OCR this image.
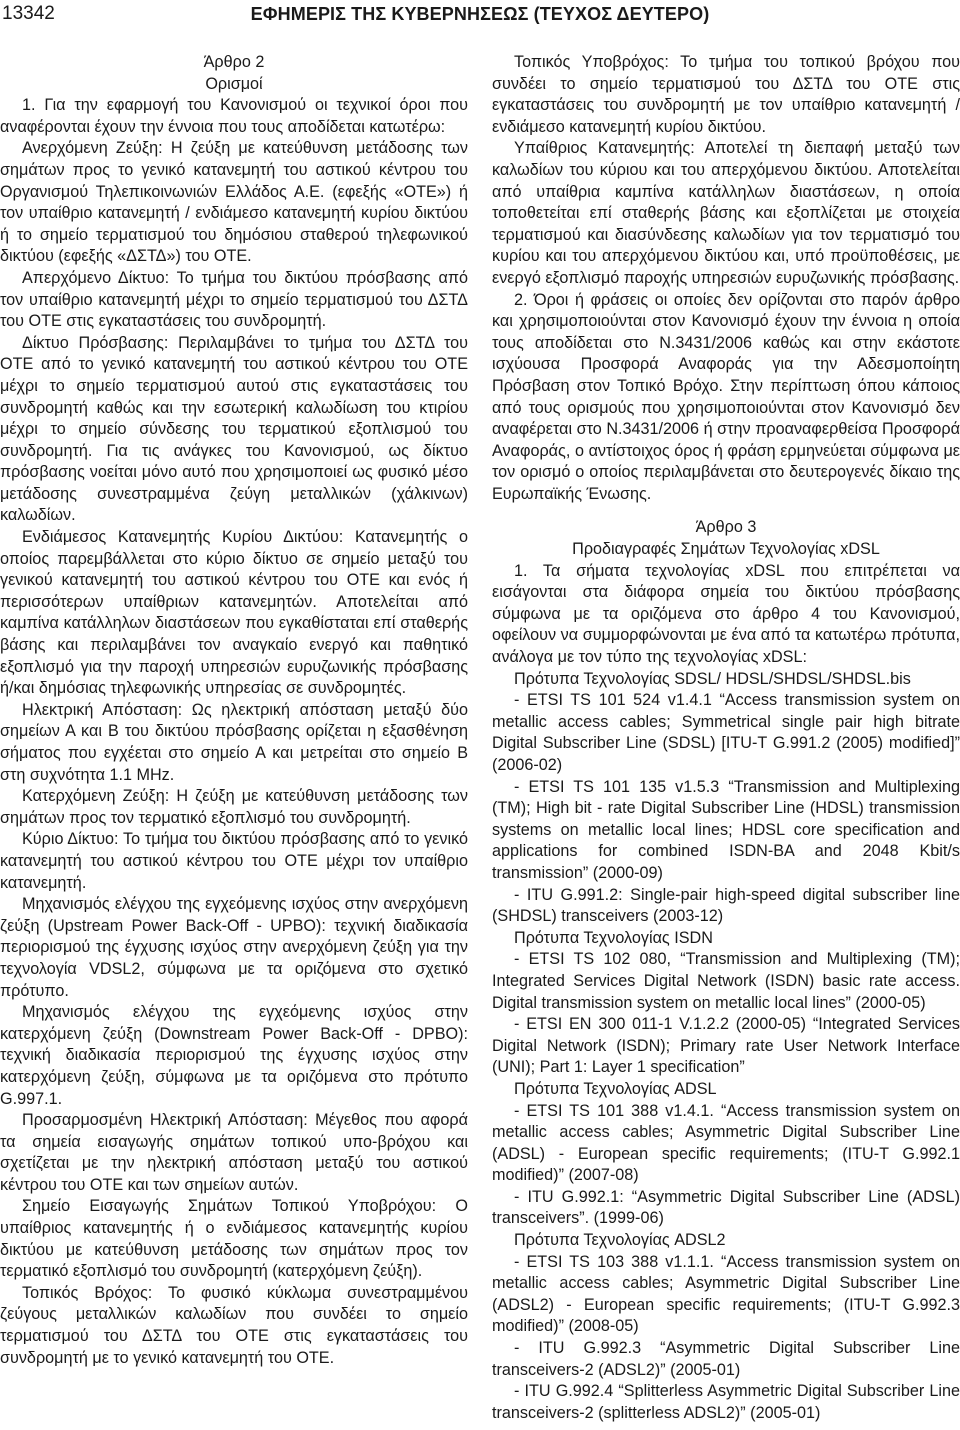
13342	ΕΦΗΜΕΡΙΣ ΤΗΣ ΚΥΒΕΡΝΗΣΕΩΣ (ΤΕΥΧΟΣ ΔΕΥΤΕΡΟ)

Άρθρο 2

Ορισμοί

1. Για την εφαρμογή του Κανονισμού οι τεχνικοί όροι που αναφέρονται έχουν την έννοια που τους αποδίδεται κατωτέρω:

Ανερχόμενη Ζεύξη: Η ζεύξη με κατεύθυνση μετάδοσης των σημάτων προς το γενικό κατανεμητή του αστικού κέντρου του Οργανισμού Τηλεπικοινωνιών Ελλάδος Α.Ε. (εφεξής «ΟΤΕ») ή τον υπαίθριο κατανεμητή / ενδιάμεσο κατανεμητή κυρίου δικτύου ή το σημείο τερματισμού του δημόσιου σταθερού τηλεφωνικού δικτύου (εφεξής «ΔΣΤΔ») του ΟΤΕ.

Απερχόμενο Δίκτυο: Το τμήμα του δικτύου πρόσβασης από τον υπαίθριο κατανεμητή μέχρι το σημείο τερματισμού του ΔΣΤΔ του ΟΤΕ στις εγκαταστάσεις του συνδρομητή.

Δίκτυο Πρόσβασης: Περιλαμβάνει το τμήμα του ΔΣΤΔ του ΟΤΕ από το γενικό κατανεμητή του αστικού κέντρου του ΟΤΕ μέχρι το σημείο τερματισμού αυτού στις εγκαταστάσεις του συνδρομητή καθώς και την εσωτερική καλωδίωση του κτιρίου μέχρι το σημείο σύνδεσης του τερματικού εξοπλισμού του συνδρομητή. Για τις ανάγκες του Κανονισμού, ως δίκτυο πρόσβασης νοείται μόνο αυτό που χρησιμοποιεί ως φυσικό μέσο μετάδοσης συνεστραμμένα ζεύγη μεταλλικών (χάλκινων) καλωδίων.

Ενδιάμεσος Κατανεμητής Κυρίου Δικτύου: Κατανεμητής ο οποίος παρεμβάλλεται στο κύριο δίκτυο σε σημείο μεταξύ του γενικού κατανεμητή του αστικού κέντρου του ΟΤΕ και ενός ή περισσότερων υπαίθριων κατανεμητών. Αποτελείται από καμπίνα κατάλληλων διαστάσεων που εγκαθίσταται επί σταθερής βάσης και περιλαμβάνει τον αναγκαίο ενεργό και παθητικό εξοπλισμό για την παροχή υπηρεσιών ευρυζωνικής πρόσβασης ή/και δημόσιας τηλεφωνικής υπηρεσίας σε συνδρομητές.

Ηλεκτρική Απόσταση: Ως ηλεκτρική απόσταση μεταξύ δύο σημείων Α και Β του δικτύου πρόσβασης ορίζεται η εξασθένηση σήματος που εγχέεται στο σημείο Α και μετρείται στο σημείο Β στη συχνότητα 1.1 MHz.

Κατερχόμενη Ζεύξη: Η ζεύξη με κατεύθυνση μετάδοσης των σημάτων προς τον τερματικό εξοπλισμό του συνδρομητή.

Κύριο Δίκτυο: Το τμήμα του δικτύου πρόσβασης από το γενικό κατανεμητή του αστικού κέντρου του ΟΤΕ μέχρι τον υπαίθριο κατανεμητή.

Μηχανισμός ελέγχου της εγχεόμενης ισχύος στην ανερχόμενη ζεύξη (Upstream Power Back-Off - UPBO): τεχνική διαδικασία περιορισμού της έγχυσης ισχύος στην ανερχόμενη ζεύξη για την τεχνολογία VDSL2, σύμφωνα με τα οριζόμενα στο σχετικό πρότυπο.

Μηχανισμός ελέγχου της εγχεόμενης ισχύος στην κατερχόμενη ζεύξη (Downstream Power Back-Off - DPBO): τεχνική διαδικασία περιορισμού της έγχυσης ισχύος στην κατερχόμενη ζεύξη, σύμφωνα με τα οριζόμενα στο πρότυπο G.997.1.

Προσαρμοσμένη Ηλεκτρική Απόσταση: Μέγεθος που αφορά τα σημεία εισαγωγής σημάτων τοπικού υπο-βρόχου και σχετίζεται με την ηλεκτρική απόσταση μεταξύ του αστικού κέντρου του ΟΤΕ και των σημείων αυτών.

Σημείο Εισαγωγής Σημάτων Τοπικού Υποβρόχου: Ο υπαίθριος κατανεμητής ή ο ενδιάμεσος κατανεμητής κυρίου δικτύου με κατεύθυνση μετάδοσης των σημάτων προς τον τερματικό εξοπλισμό του συνδρομητή (κατερχόμενη ζεύξη).

Τοπικός Βρόχος: Το φυσικό κύκλωμα συνεστραμμένου ζεύγους μεταλλικών καλωδίων που συνδέει το σημείο τερματισμού του ΔΣΤΔ του ΟΤΕ στις εγκαταστάσεις του συνδρομητή με το γενικό κατανεμητή του ΟΤΕ.

Τοπικός Υποβρόχος: Το τμήμα του τοπικού βρόχου που συνδέει το σημείο τερματισμού του ΔΣΤΔ του ΟΤΕ στις εγκαταστάσεις του συνδρομητή με τον υπαίθριο κατανεμητή / ενδιάμεσο κατανεμητή κυρίου δικτύου.

Υπαίθριος Κατανεμητής: Αποτελεί τη διεπαφή μεταξύ των καλωδίων του κύριου και του απερχόμενου δικτύου. Αποτελείται από υπαίθρια καμπίνα κατάλληλων διαστάσεων, η οποία τοποθετείται επί σταθερής βάσης και εξοπλίζεται με στοιχεία τερματισμού και διασύνδεσης καλωδίων για τον τερματισμό του κυρίου και του απερχόμενου δικτύου και, υπό προϋποθέσεις, με ενεργό εξοπλισμό παροχής υπηρεσιών ευρυζωνικής πρόσβασης.

2. Όροι ή φράσεις οι οποίες δεν ορίζονται στο παρόν άρθρο και χρησιμοποιούνται στον Κανονισμό έχουν την έννοια η οποία τους αποδίδεται στο Ν.3431/2006 καθώς και στην εκάστοτε ισχύουσα Προσφορά Αναφοράς για την Αδεσμοποίητη Πρόσβαση στον Τοπικό Βρόχο. Στην περίπτωση όπου κάποιος από τους ορισμούς που χρησιμοποιούνται στον Κανονισμό δεν αναφέρεται στο Ν.3431/2006 ή στην προαναφερθείσα Προσφορά Αναφοράς, ο αντίστοιχος όρος ή φράση ερμηνεύεται σύμφωνα με τον ορισμό ο οποίος περιλαμβάνεται στο δευτερογενές δίκαιο της Ευρωπαϊκής Ένωσης.

Άρθρο 3

Προδιαγραφές Σημάτων Τεχνολογίας xDSL

1. Τα σήματα τεχνολογίας xDSL που επιτρέπεται να εισάγονται στα διάφορα σημεία του δικτύου πρόσβασης σύμφωνα με τα οριζόμενα στο άρθρο 4 του Κανονισμού, οφείλουν να συμμορφώνονται με ένα από τα κατωτέρω πρότυπα, ανάλογα με τον τύπο της τεχνολογίας xDSL:

Πρότυπα Τεχνολογίας SDSL/ HDSL/SHDSL/SHDSL.bis

- ETSI TS 101 524 v1.4.1 “Access transmission system on metallic access cables; Symmetrical single pair high bitrate Digital Subscriber Line (SDSL) [ITU-T G.991.2 (2005) modified]” (2006-02)

- ETSI TS 101 135 v1.5.3 “Transmission and Multiplexing (TM); High bit - rate Digital Subscriber Line (HDSL) transmission systems on metallic local lines; HDSL core specification and applications for combined ISDN-BA and 2048 Kbit/s transmission” (2000-09)

- ITU G.991.2: Single-pair high-speed digital subscriber line (SHDSL) transceivers (2003-12)

Πρότυπα Τεχνολογίας ISDN

- ETSI TS 102 080, “Transmission and Multiplexing (TM); Integrated Services Digital Network (ISDN) basic rate access. Digital transmission system on metallic local lines” (2000-05)

- ETSI EN 300 011-1 V.1.2.2 (2000-05) “Integrated Services Digital Network (ISDN); Primary rate User Network Interface (UNI); Part 1: Layer 1 specification”

Πρότυπα Τεχνολογίας ADSL

- ETSI TS 101 388 v1.4.1. “Access transmission system on metallic access cables; Asymmetric Digital Subscriber Line (ADSL) - European specific requirements; (ITU-T G.992.1 modified)” (2007-08)

- ITU G.992.1: “Asymmetric Digital Subscriber Line (ADSL) transceivers”. (1999-06)

Πρότυπα Τεχνολογίας ADSL2

- ETSI TS 103 388 v1.1.1. “Access transmission system on metallic access cables; Asymmetric Digital Subscriber Line (ADSL2) - European specific requirements; (ITU-T G.992.3 modified)” (2008-05)

- ITU G.992.3 “Asymmetric Digital Subscriber Line transceivers-2 (ADSL2)” (2005-01)

- ITU G.992.4 “Splitterless Asymmetric Digital Subscriber Line transceivers-2 (splitterless ADSL2)” (2005-01)
